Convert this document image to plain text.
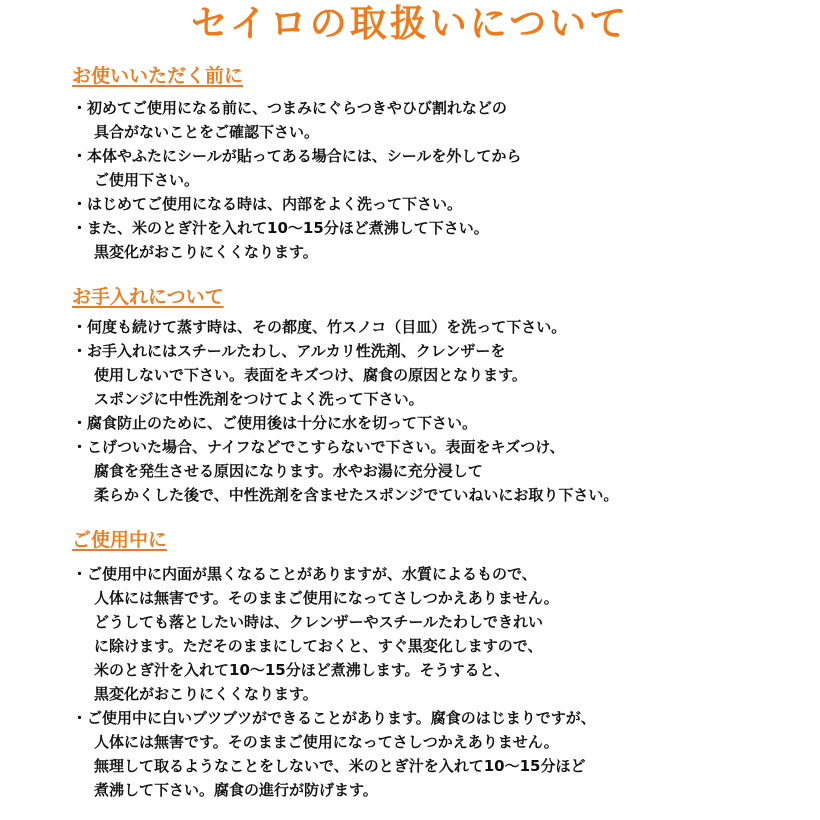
セイロの取扱いについて
お使いいただく前に
・初めてご使用になる前に、つまみにぐらつきやひび割れなどの
具合がないことをご確認下さい。
・本体やふたにシールが貼ってある場合には、シールを外してから
ご使用下さい。
・はじめてご使用になる時は、内部をよく洗って下さい。
・また、米のとぎ汁を入れて10〜15分ほど煮沸して下さい。
黒変化がおこりにくくなります。
お手入れについて
・何度も続けて蒸す時は、その都度、竹スノコ（目皿）を洗って下さい。
・お手入れにはスチールたわし、アルカリ性洗剤、クレンザーを
使用しないで下さい。表面をキズつけ、腐食の原因となります。
スポンジに中性洗剤をつけてよく洗って下さい。
・腐食防止のために、ご使用後は十分に水を切って下さい。
・こげついた場合、ナイフなどでこすらないで下さい。表面をキズつけ、
腐食を発生させる原因になります。水やお湯に充分浸して
柔らかくした後で、中性洗剤を含ませたスポンジでていねいにお取り下さい。
ご使用中に
・ご使用中に内面が黒くなることがありますが、水質によるもので、
人体には無害です。そのままご使用になってさしつかえありません。
どうしても落としたい時は、クレンザーやスチールたわしできれい
に除けます。ただそのままにしておくと、すぐ黒変化しますので、
米のとぎ汁を入れて10〜15分ほど煮沸します。そうすると、
黒変化がおこりにくくなります。
・ご使用中に白いブツブツができることがあります。腐食のはじまりですが、
人体には無害です。そのままご使用になってさしつかえありません。
無理して取るようなことをしないで、米のとぎ汁を入れて10〜15分ほど
煮沸して下さい。腐食の進行が防げます。
